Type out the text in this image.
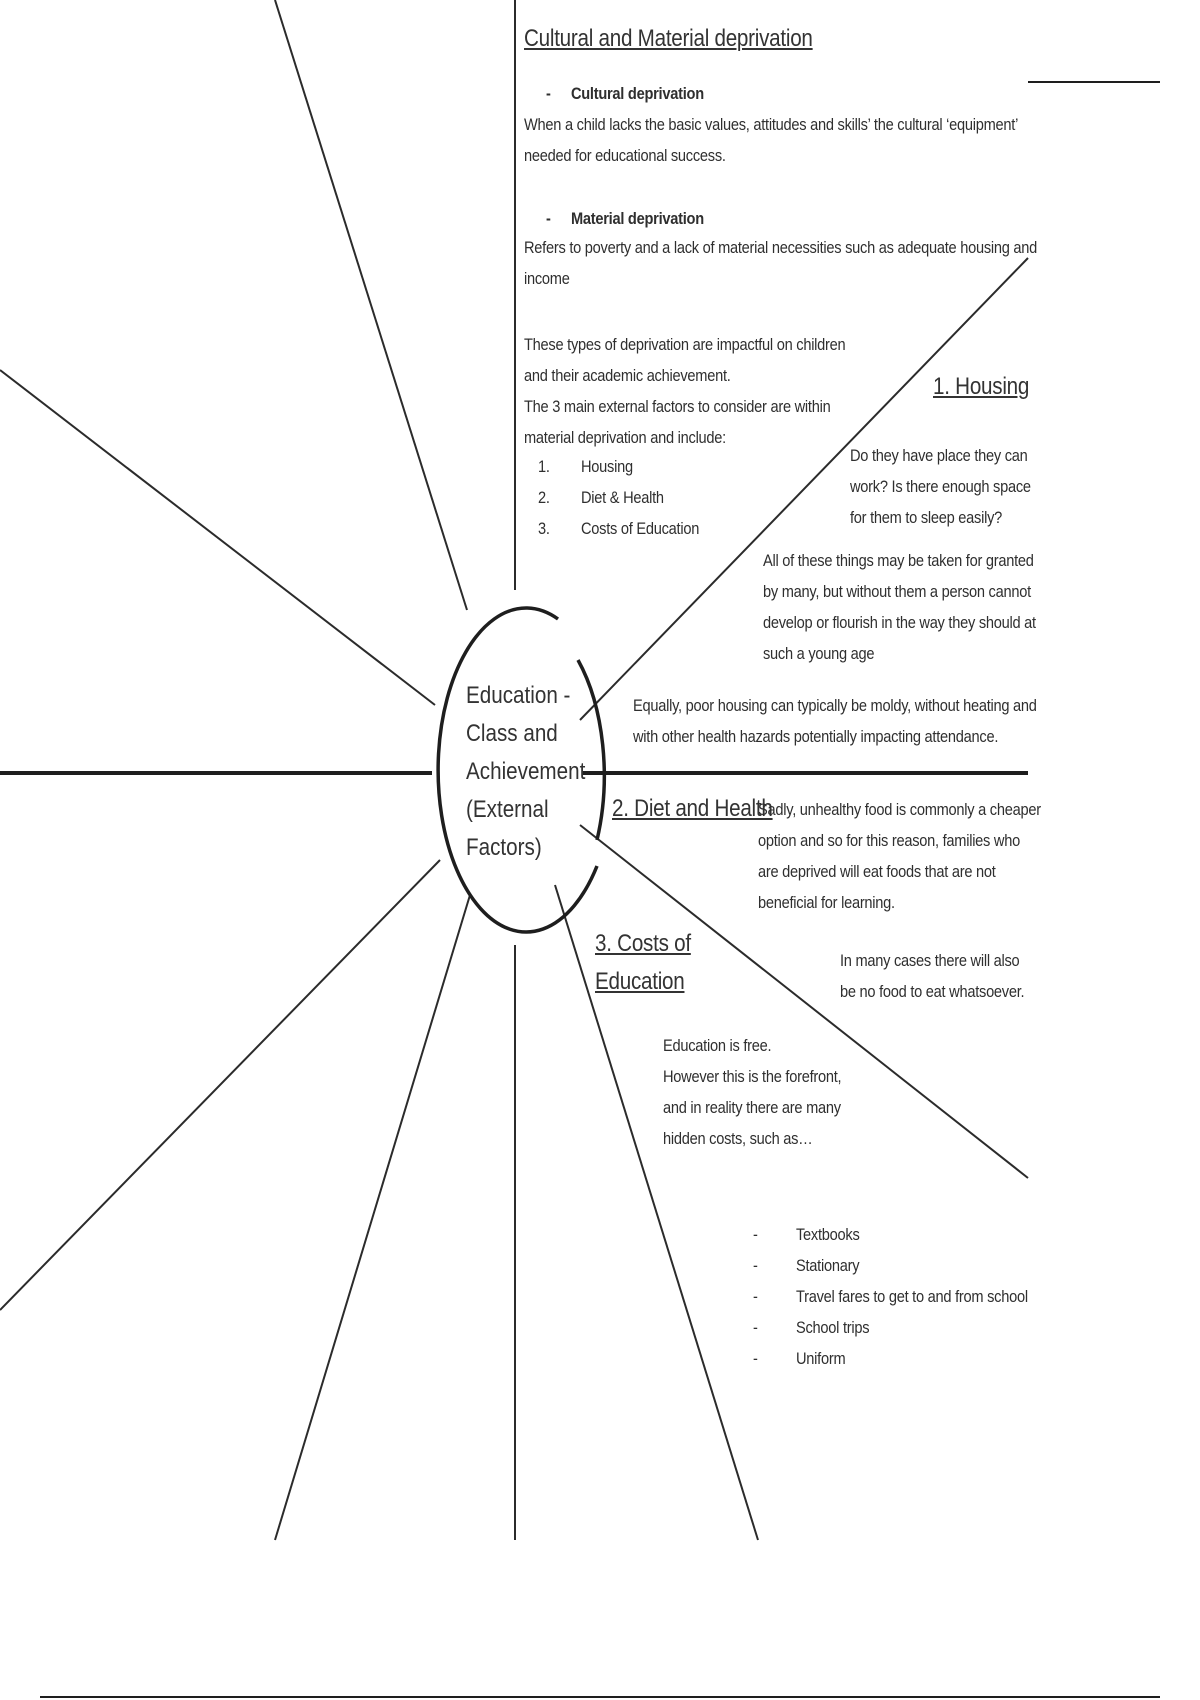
Education -
Class and
Achievement
(External
Factors)
Cultural and Material deprivation
- Cultural deprivation
When a child lacks the basic values, attitudes and skills’ the cultural ‘equipment’
needed for educational success.
- Material deprivation
Refers to poverty and a lack of material necessities such as adequate housing and
income
These types of deprivation are impactful on children
and their academic achievement.
The 3 main external factors to consider are within
material deprivation and include:
1. Housing
2. Diet & Health
3. Costs of Education
1. Housing
Do they have place they can
work? Is there enough space
for them to sleep easily?
All of these things may be taken for granted
by many, but without them a person cannot
develop or flourish in the way they should at
such a young age
Equally, poor housing can typically be moldy, without heating and
with other health hazards potentially impacting attendance.
2. Diet and Health
Sadly, unhealthy food is commonly a cheaper
option and so for this reason, families who
are deprived will eat foods that are not
beneficial for learning.
In many cases there will also
be no food to eat whatsoever.
3. Costs of
Education
Education is free.
However this is the forefront,
and in reality there are many
hidden costs, such as…
- Textbooks
- Stationary
- Travel fares to get to and from school
- School trips
- Uniform
